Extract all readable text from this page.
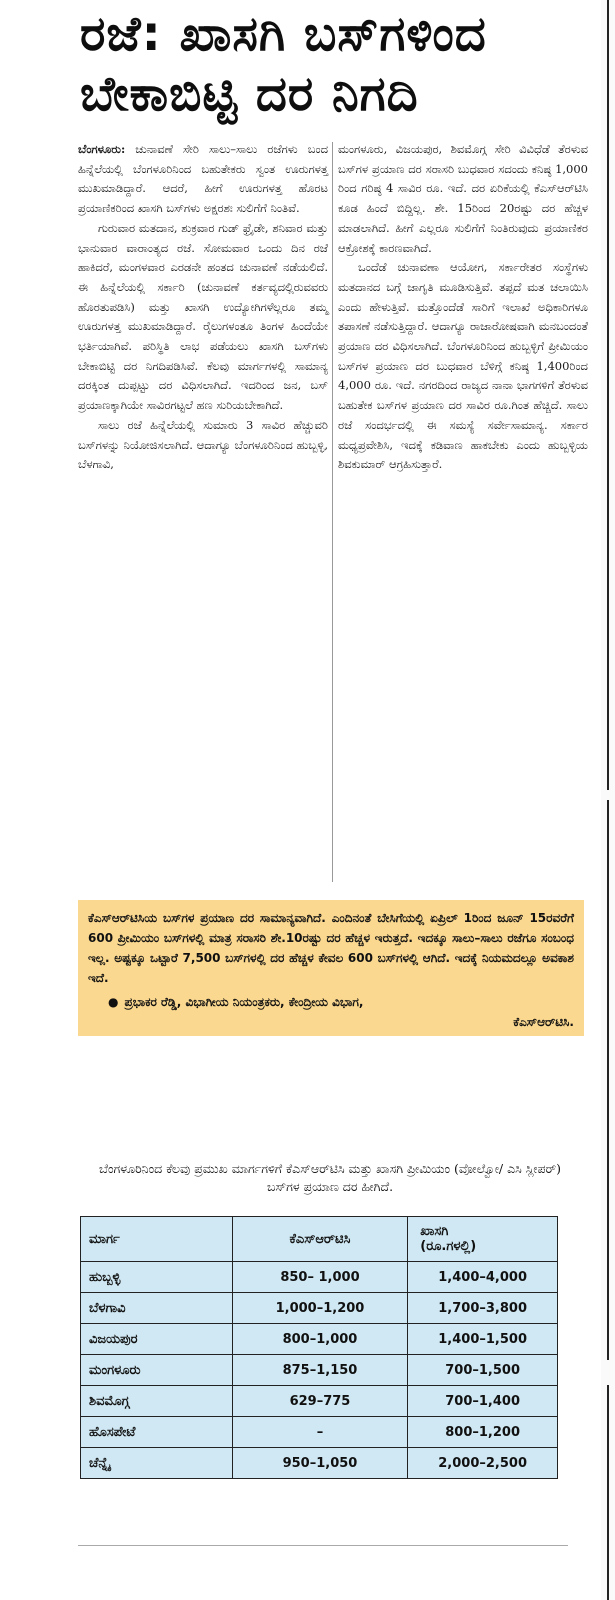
ರಜೆ: ಖಾಸಗಿ ಬಸ್‌ಗಳಿಂದ
ಬೇಕಾಬಿಟ್ಟಿ ದರ ನಿಗದಿ

ಬೆಂಗಳೂರು: ಚುನಾವಣೆ ಸೇರಿ ಸಾಲು–ಸಾಲು ರಜೆಗಳು ಬಂದ ಹಿನ್ನೆಲೆಯಲ್ಲಿ ಬೆಂಗಳೂರಿನಿಂದ ಬಹುತೇಕರು ಸ್ವಂತ ಊರುಗಳತ್ತ ಮುಖಮಾಡಿದ್ದಾರೆ. ಆದರೆ, ಹೀಗೆ ಊರುಗಳತ್ತ ಹೊರಟ ಪ್ರಯಾಣಿಕರಿಂದ ಖಾಸಗಿ ಬಸ್‌ಗಳು ಅಕ್ಷರಶಃ ಸುಲಿಗೆಗೆ ನಿಂತಿವೆ.

ಗುರುವಾರ ಮತದಾನ, ಶುಕ್ರವಾರ ಗುಡ್ ಫ್ರೈಡೇ, ಶನಿವಾರ ಮತ್ತು ಭಾನುವಾರ ವಾರಾಂತ್ಯದ ರಜೆ. ಸೋಮವಾರ ಒಂದು ದಿನ ರಜೆ ಹಾಕಿದರೆ, ಮಂಗಳವಾರ ಎರಡನೇ ಹಂತದ ಚುನಾವಣೆ ನಡೆಯಲಿದೆ. ಈ ಹಿನ್ನೆಲೆಯಲ್ಲಿ ಸರ್ಕಾರಿ (ಚುನಾವಣೆ ಕರ್ತವ್ಯದಲ್ಲಿರುವವರು ಹೊರತುಪಡಿಸಿ) ಮತ್ತು ಖಾಸಗಿ ಉದ್ಯೋಗಿಗಳೆಲ್ಲರೂ ತಮ್ಮ ಊರುಗಳತ್ತ ಮುಖಮಾಡಿದ್ದಾರೆ. ರೈಲುಗಳಂತೂ ತಿಂಗಳ ಹಿಂದೆಯೇ ಭರ್ತಿಯಾಗಿವೆ. ಪರಿಸ್ಥಿತಿ ಲಾಭ ಪಡೆಯಲು ಖಾಸಗಿ ಬಸ್‌ಗಳು ಬೇಕಾಬಿಟ್ಟಿ ದರ ನಿಗದಿಪಡಿಸಿವೆ. ಕೆಲವು ಮಾರ್ಗಗಳಲ್ಲಿ ಸಾಮಾನ್ಯ ದರಕ್ಕಿಂತ ದುಪ್ಪಟ್ಟು ದರ ವಿಧಿಸಲಾಗಿದೆ. ಇದರಿಂದ ಜನ, ಬಸ್ ಪ್ರಯಾಣಕ್ಕಾಗಿಯೇ ಸಾವಿರಗಟ್ಟಲೆ ಹಣ ಸುರಿಯಬೇಕಾಗಿದೆ.

ಸಾಲು ರಜೆ ಹಿನ್ನೆಲೆಯಲ್ಲಿ ಸುಮಾರು 3 ಸಾವಿರ ಹೆಚ್ಚುವರಿ ಬಸ್‌ಗಳನ್ನು ನಿಯೋಜಿಸಲಾಗಿದೆ. ಆದಾಗ್ಯೂ ಬೆಂಗಳೂರಿನಿಂದ ಹುಬ್ಬಳ್ಳಿ, ಬೆಳಗಾವಿ,

ಮಂಗಳೂರು, ವಿಜಯಪುರ, ಶಿವಮೊಗ್ಗ ಸೇರಿ ವಿವಿಧೆಡೆ ತೆರಳುವ ಬಸ್‌ಗಳ ಪ್ರಯಾಣ ದರ ಸರಾಸರಿ ಬುಧವಾರ ಸದಂದು ಕನಿಷ್ಠ 1,000 ರಿಂದ ಗರಿಷ್ಠ 4 ಸಾವಿರ ರೂ. ಇದೆ. ದರ ಏರಿಕೆಯಲ್ಲಿ ಕೆಎಸ್‌ಆರ್‌ಟಿಸಿ ಕೂಡ ಹಿಂದೆ ಬಿದ್ದಿಲ್ಲ. ಶೇ. 15ರಿಂದ 20ರಷ್ಟು ದರ ಹೆಚ್ಚಳ ಮಾಡಲಾಗಿದೆ. ಹೀಗೆ ಎಲ್ಲರೂ ಸುಲಿಗೆಗೆ ನಿಂತಿರುವುದು ಪ್ರಯಾಣಿಕರ ಆಕ್ರೋಶಕ್ಕೆ ಕಾರಣವಾಗಿದೆ.

ಒಂದೆಡೆ ಚುನಾವಣಾ ಆಯೋಗ, ಸರ್ಕಾರೇತರ ಸಂಸ್ಥೆಗಳು ಮತದಾನದ ಬಗ್ಗೆ ಜಾಗೃತಿ ಮೂಡಿಸುತ್ತಿವೆ. ತಪ್ಪದೆ ಮತ ಚಲಾಯಿಸಿ ಎಂದು ಹೇಳುತ್ತಿವೆ. ಮತ್ತೊಂದೆಡೆ ಸಾರಿಗೆ ಇಲಾಖೆ ಅಧಿಕಾರಿಗಳೂ ತಪಾಸಣೆ ನಡೆಸುತ್ತಿದ್ದಾರೆ. ಆದಾಗ್ಯೂ ರಾಜಾರೋಷವಾಗಿ ಮನಬಂದಂತೆ ಪ್ರಯಾಣ ದರ ವಿಧಿಸಲಾಗಿದೆ. ಬೆಂಗಳೂರಿನಿಂದ ಹುಬ್ಬಳ್ಳಿಗೆ ಪ್ರೀಮಿಯಂ ಬಸ್‌ಗಳ ಪ್ರಯಾಣ ದರ ಬುಧವಾರ ಬೆಳಿಗ್ಗೆ ಕನಿಷ್ಠ 1,400ರಿಂದ 4,000 ರೂ. ಇದೆ. ನಗರದಿಂದ ರಾಜ್ಯದ ನಾನಾ ಭಾಗಗಳಿಗೆ ತೆರಳುವ ಬಹುತೇಕ ಬಸ್‌ಗಳ ಪ್ರಯಾಣ ದರ ಸಾವಿರ ರೂ.ಗಿಂತ ಹೆಚ್ಚಿದೆ. ಸಾಲು ರಜೆ ಸಂದರ್ಭದಲ್ಲಿ ಈ ಸಮಸ್ಯೆ ಸರ್ವೇಸಾಮಾನ್ಯ. ಸರ್ಕಾರ ಮಧ್ಯಪ್ರವೇಶಿಸಿ, ಇದಕ್ಕೆ ಕಡಿವಾಣ ಹಾಕಬೇಕು ಎಂದು ಹುಬ್ಬಳ್ಳಿಯ ಶಿವಕುಮಾರ್ ಆಗ್ರಹಿಸುತ್ತಾರೆ.

ಕೆಎಸ್‌ಆರ್‌ಟಿಸಿಯ ಬಸ್‌ಗಳ ಪ್ರಯಾಣ ದರ ಸಾಮಾನ್ಯವಾಗಿದೆ. ಎಂದಿನಂತೆ ಬೇಸಿಗೆಯಲ್ಲಿ ಏಪ್ರಿಲ್ 1ರಿಂದ ಜೂನ್ 15ರವರೆಗೆ 600 ಪ್ರೀಮಿಯಂ ಬಸ್‌ಗಳಲ್ಲಿ ಮಾತ್ರ ಸರಾಸರಿ ಶೇ.10ರಷ್ಟು ದರ ಹೆಚ್ಚಳ ಇರುತ್ತದೆ. ಇದಕ್ಕೂ ಸಾಲು–ಸಾಲು ರಜೆಗೂ ಸಂಬಂಧ ಇಲ್ಲ. ಅಷ್ಟಕ್ಕೂ ಒಟ್ಟಾರೆ 7,500 ಬಸ್‌ಗಳಲ್ಲಿ ದರ ಹೆಚ್ಚಳ ಕೇವಲ 600 ಬಸ್‌ಗಳಲ್ಲಿ ಆಗಿದೆ. ಇದಕ್ಕೆ ನಿಯಮದಲ್ಲೂ ಅವಕಾಶ ಇದೆ.
● ಪ್ರಭಾಕರ ರೆಡ್ಡಿ, ವಿಭಾಗೀಯ ನಿಯಂತ್ರಕರು, ಕೇಂದ್ರೀಯ ವಿಭಾಗ,
ಕೆಎಸ್‌ಆರ್‌ಟಿಸಿ.
ಬೆಂಗಳೂರಿನಿಂದ ಕೆಲವು ಪ್ರಮುಖ ಮಾರ್ಗಗಳಿಗೆ ಕೆಎಸ್‌ಆರ್‌ಟಿಸಿ ಮತ್ತು ಖಾಸಗಿ ಪ್ರೀಮಿಯಂ (ವೋಲ್ವೋ/ ಎಸಿ ಸ್ಲೀಪರ್) ಬಸ್‌ಗಳ ಪ್ರಯಾಣ ದರ ಹೀಗಿದೆ.
ಮಾರ್ಗ	ಕೆಎಸ್‌ಆರ್‌ಟಿಸಿ	ಖಾಸಗಿ
(ರೂ.ಗಳಲ್ಲಿ)

ಹುಬ್ಬಳ್ಳಿ	850– 1,000	1,400–4,000
ಬೆಳಗಾವಿ	1,000–1,200	1,700–3,800
ವಿಜಯಪುರ	800–1,000	1,400–1,500
ಮಂಗಳೂರು	875–1,150	700–1,500
ಶಿವಮೊಗ್ಗ	629–775	700–1,400
ಹೊಸಪೇಟೆ	–	800–1,200
ಚೆನ್ನೈ	950–1,050	2,000–2,500
